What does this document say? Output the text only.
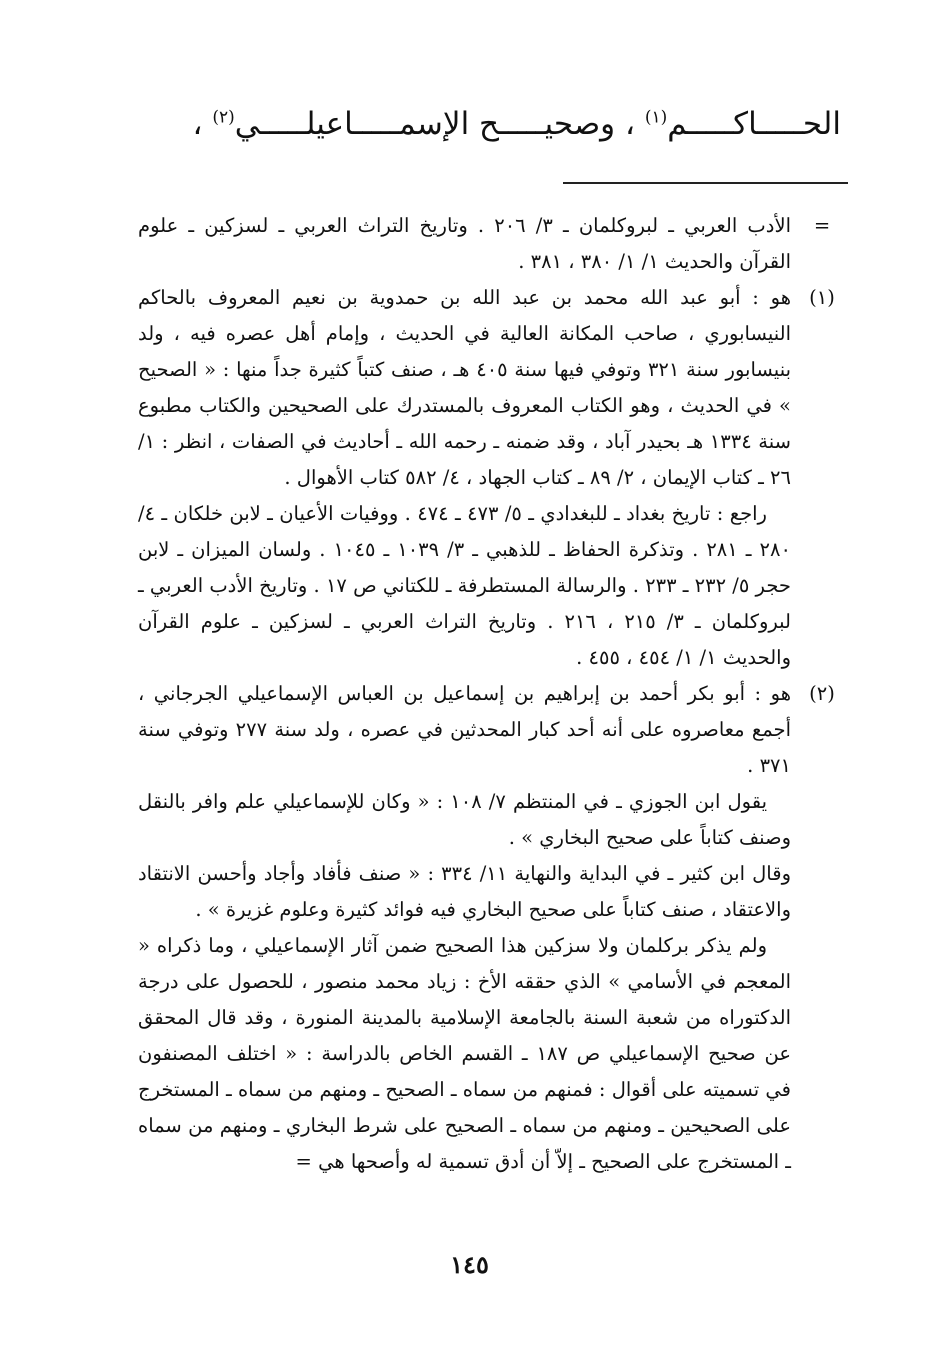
الحـــــاكـــــم$^{(١)}$ ، وصحيـــــح الإسمـــــاعيلـــــي$^{(٢)}$ ،
=
الأدب العربي ـ لبروكلمان ـ ٣/ ٢٠٦ . وتاريخ التراث العربي ـ لسزكين ـ علوم القرآن والحديث ١/ ١/ ٣٨٠ ، ٣٨١ .
(١)
هو : أبو عبد الله محمد بن عبد الله بن حمدوية بن نعيم المعروف بالحاكم النيسابوري ، صاحب المكانة العالية في الحديث ، وإمام أهل عصره فيه ، ولد بنيسابور سنة ٣٢١ وتوفي فيها سنة ٤٠٥ هـ ، صنف كتباً كثيرة جداً منها : « الصحيح » في الحديث ، وهو الكتاب المعروف بالمستدرك على الصحيحين والكتاب مطبوع سنة ١٣٣٤ هـ بحيدر آباد ، وقد ضمنه ـ رحمه الله ـ أحاديث في الصفات ، انظر : ١/ ٢٦ ـ كتاب الإيمان ، ٢/ ٨٩ ـ كتاب الجهاد ، ٤/ ٥٨٢ كتاب الأهوال .

راجع : تاريخ بغداد ـ للبغدادي ـ ٥/ ٤٧٣ ـ ٤٧٤ . ووفيات الأعيان ـ لابن خلكان ـ ٤/ ٢٨٠ ـ ٢٨١ . وتذكرة الحفاظ ـ للذهبي ـ ٣/ ١٠٣٩ ـ ١٠٤٥ . ولسان الميزان ـ لابن حجر ٥/ ٢٣٢ ـ ٢٣٣ . والرسالة المستطرفة ـ للكتاني ص ١٧ . وتاريخ الأدب العربي ـ لبروكلمان ـ ٣/ ٢١٥ ، ٢١٦ . وتاريخ التراث العربي ـ لسزكين ـ علوم القرآن والحديث ١/ ١/ ٤٥٤ ، ٤٥٥ .

(٢)
هو : أبو بكر أحمد بن إبراهيم بن إسماعيل بن العباس الإسماعيلي الجرجاني ، أجمع معاصروه على أنه أحد كبار المحدثين في عصره ، ولد سنة ٢٧٧ وتوفي سنة ٣٧١ .

يقول ابن الجوزي ـ في المنتظم ٧/ ١٠٨ : « وكان للإسماعيلي علم وافر بالنقل وصنف كتاباً على صحيح البخاري » .

وقال ابن كثير ـ في البداية والنهاية ١١/ ٣٣٤ : « صنف فأفاد وأجاد وأحسن الانتقاد والاعتقاد ، صنف كتاباً على صحيح البخاري فيه فوائد كثيرة وعلوم غزيرة » .

ولم يذكر بركلمان ولا سزكين هذا الصحيح ضمن آثار الإسماعيلي ، وما ذكراه « المعجم في الأسامي » الذي حققه الأخ : زياد محمد منصور ، للحصول على درجة الدكتوراه من شعبة السنة بالجامعة الإسلامية بالمدينة المنورة ، وقد قال المحقق عن صحيح الإسماعيلي ص ١٨٧ ـ القسم الخاص بالدراسة : « اختلف المصنفون في تسميته على أقوال : فمنهم من سماه ـ الصحيح ـ ومنهم من سماه ـ المستخرج على الصحيحين ـ ومنهم من سماه ـ الصحيح على شرط البخاري ـ ومنهم من سماه ـ المستخرج على الصحيح ـ إلاّ أن أدق تسمية له وأصحها هي =

١٤٥
